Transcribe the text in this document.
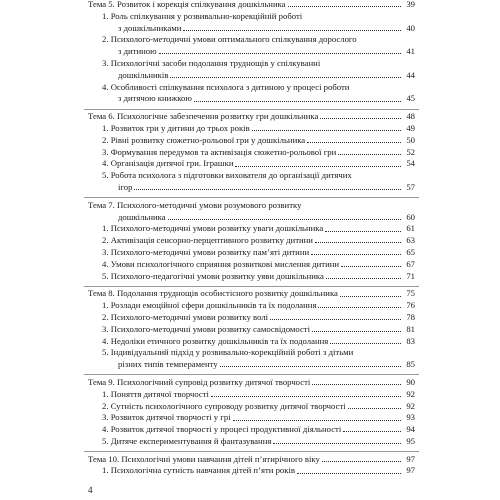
Тема 5. Розвиток і корекція спілкування дошкільника	39
1. Роль спілкування у розвивально-корекційній роботі
з дошкільниками	40
2. Психолого-методичні умови оптимального спілкування дорослого
з дитиною	41
3. Психологічні засоби подолання труднощів у спілкуванні
дошкільників	44
4. Особливості спілкування психолога з дитиною у процесі роботи
з дитячою книжкою	45
Тема 6. Психологічне забезпечення розвитку гри дошкільника	48
1. Розвиток гри у дитини до трьох років	49
2. Рівні розвитку сюжетно-рольової гри у дошкільника	50
3. Формування передумов та активізація сюжетно-рольової гри	52
4. Організація дитячої гри. Іграшки	54
5. Робота психолога з підготовки вихователя до організації дитячих
ігор	57
Тема 7. Психолого-методичні умови розумового розвитку
дошкільника	60
1. Психолого-методичні умови розвитку уваги дошкільника	61
2. Активізація сенсорно-перцептивного розвитку дитини	63
3. Психолого-методичні умови розвитку пам’яті дитини	65
4. Умови психологічного сприяння розвиткові мислення дитини	67
5. Психолого-педагогічні умови розвитку уяви дошкільника	71
Тема 8. Подолання труднощів особистісного розвитку дошкільника	75
1. Розлади емоційної сфери дошкільників та їх подолання	76
2. Психолого-методичні умови розвитку волі	78
3. Психолого-методичні умови розвитку самосвідомості	81
4. Недоліки етичного розвитку дошкільників та їх подолання	83
5. Індивідуальний підхід у розвивально-корекційній роботі з дітьми
різних типів темпераменту	85
Тема 9. Психологічний супровід розвитку дитячої творчості	90
1. Поняття дитячої творчості	92
2. Сутність психологічного супроводу розвитку дитячої творчості	92
3. Розвиток дитячої творчості у грі	93
4. Розвиток дитячої творчості у процесі продуктивної діяльності	94
5. Дитяче експериментування й фантазування	95
Тема 10. Психологічні умови навчання дітей п’ятирічного віку	97
1. Психологічна сутність навчання дітей п’яти років	97
4
